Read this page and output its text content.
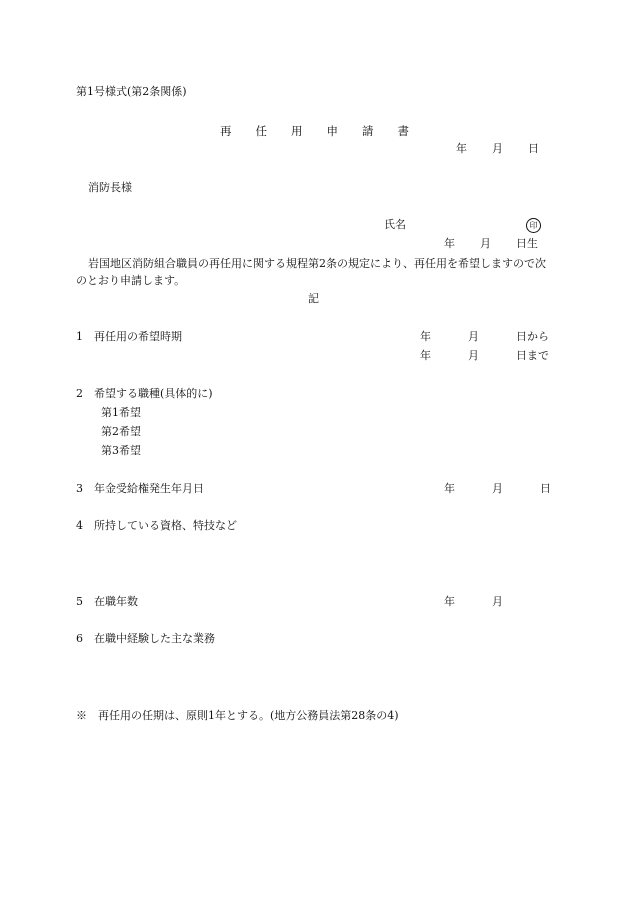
第1号様式(第2条関係)
再 任 用 申 請 書
年 月 日
消防長様
氏名	印
年 月 日生
岩国地区消防組合職員の再任用に関する規程第2条の規定により、再任用を希望しますので次のとおり申請します。
記
1　再任用の希望時期	年	月	日から
年	月	日まで
2　希望する職種(具体的に)
第1希望
第2希望
第3希望
3　年金受給権発生年月日	年	月	日
4　所持している資格、特技など
5　在職年数	年	月
6　在職中経験した主な業務
※　再任用の任期は、原則1年とする。(地方公務員法第28条の4)
